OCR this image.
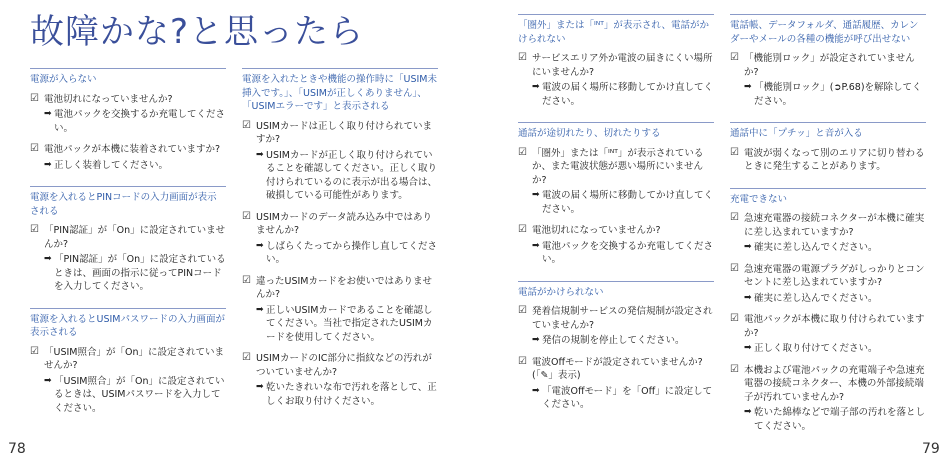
故障かな?と思ったら
電源が入らない
☑ 電池切れになっていませんか?
➡ 電池パックを交換するか充電してください。
☑ 電池パックが本機に装着されていますか?
➡ 正しく装着してください。
電源を入れるとPINコードの入力画面が表示される
☑ 「PIN認証」が「On」に設定されていませんか?
➡ 「PIN認証」が「On」に設定されているときは、画面の指示に従ってPINコードを入力してください。
電源を入れるとUSIMパスワードの入力画面が表示される
☑ 「USIM照合」が「On」に設定されていませんか?
➡ 「USIM照合」が「On」に設定されているときは、USIMパスワードを入力してください。
電源を入れたときや機能の操作時に「USIM未挿入です。」、「USIMが正しくありません」、「USIMエラーです」と表示される
☑ USIMカードは正しく取り付けられていますか?
➡ USIMカードが正しく取り付けられていることを確認してください。正しく取り付けられているのに表示が出る場合は、破損している可能性があります。
☑ USIMカードのデータ読み込み中ではありませんか?
➡ しばらくたってから操作し直してください。
☑ 違ったUSIMカードをお使いではありませんか?
➡ 正しいUSIMカードであることを確認してください。当社で指定されたUSIMカードを使用してください。
☑ USIMカードのIC部分に指紋などの汚れがついていませんか?
➡ 乾いたきれいな布で汚れを落として、正しくお取り付けください。
「圏外」または「ᴵᴺᵀ」が表示され、電話がかけられない
☑ サービスエリア外か電波の届きにくい場所にいませんか?
➡ 電波の届く場所に移動してかけ直してください。
通話が途切れたり、切れたりする
☑ 「圏外」または「ᴵᴺᵀ」が表示されているか、また電波状態が悪い場所にいませんか?
➡ 電波の届く場所に移動してかけ直してください。
☑ 電池切れになっていませんか?
➡ 電池パックを交換するか充電してください。
電話がかけられない
☑ 発着信規制サービスの発信規制が設定されていませんか?
➡ 発信の規制を停止してください。
☑ 電波Offモードが設定されていませんか?(「✎」表示)
➡ 「電波Offモード」を「Off」に設定してください。
電話帳、データフォルダ、通話履歴、カレンダーやメールの各種の機能が呼び出せない
☑ 「機能別ロック」が設定されていませんか?
➡ 「機能別ロック」(➲P.68)を解除してください。
通話中に「プチッ」と音が入る
☑ 電波が弱くなって別のエリアに切り替わるときに発生することがあります。
充電できない
☑ 急速充電器の接続コネクターが本機に確実に差し込まれていますか?
➡ 確実に差し込んでください。
☑ 急速充電器の電源プラグがしっかりとコンセントに差し込まれていますか?
➡ 確実に差し込んでください。
☑ 電池パックが本機に取り付けられていますか?
➡ 正しく取り付けてください。
☑ 本機および電池パックの充電端子や急速充電器の接続コネクター、本機の外部接続端子が汚れていませんか?
➡ 乾いた綿棒などで端子部の汚れを落としてください。
78	79
